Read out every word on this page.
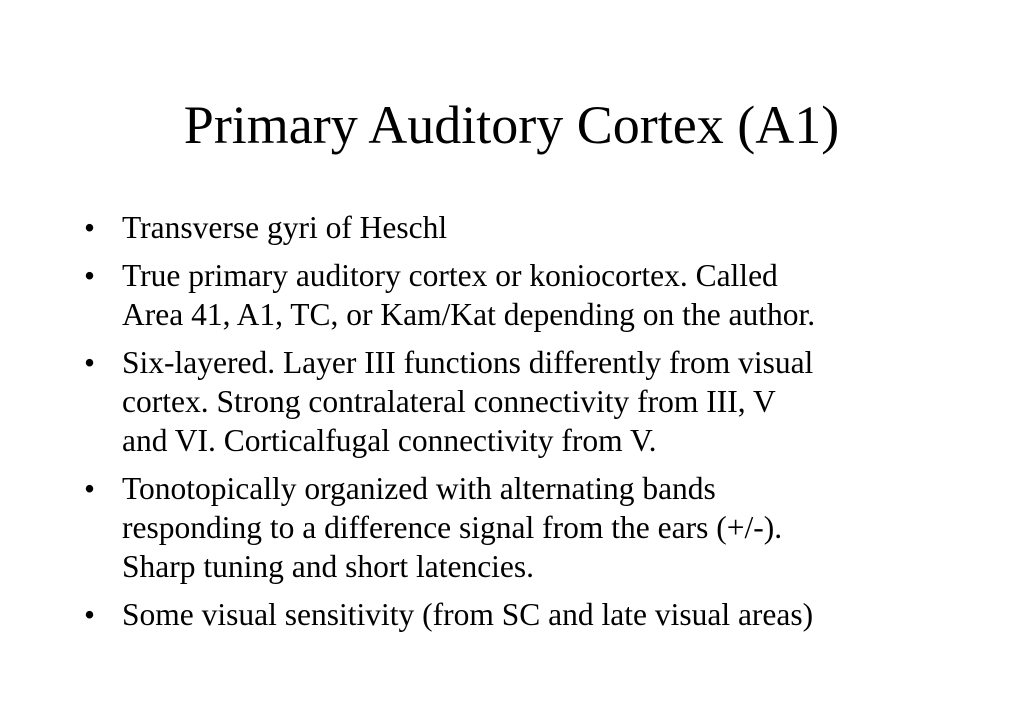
Primary Auditory Cortex (A1)
• Transverse gyri of Heschl
• True primary auditory cortex or koniocortex. Called
Area 41, A1, TC, or Kam/Kat depending on the author.
• Six-layered. Layer III functions differently from visual
cortex. Strong contralateral connectivity from III, V
and VI. Corticalfugal connectivity from V.
• Tonotopically organized with alternating bands
responding to a difference signal from the ears (+/-).
Sharp tuning and short latencies.
• Some visual sensitivity (from SC and late visual areas)
